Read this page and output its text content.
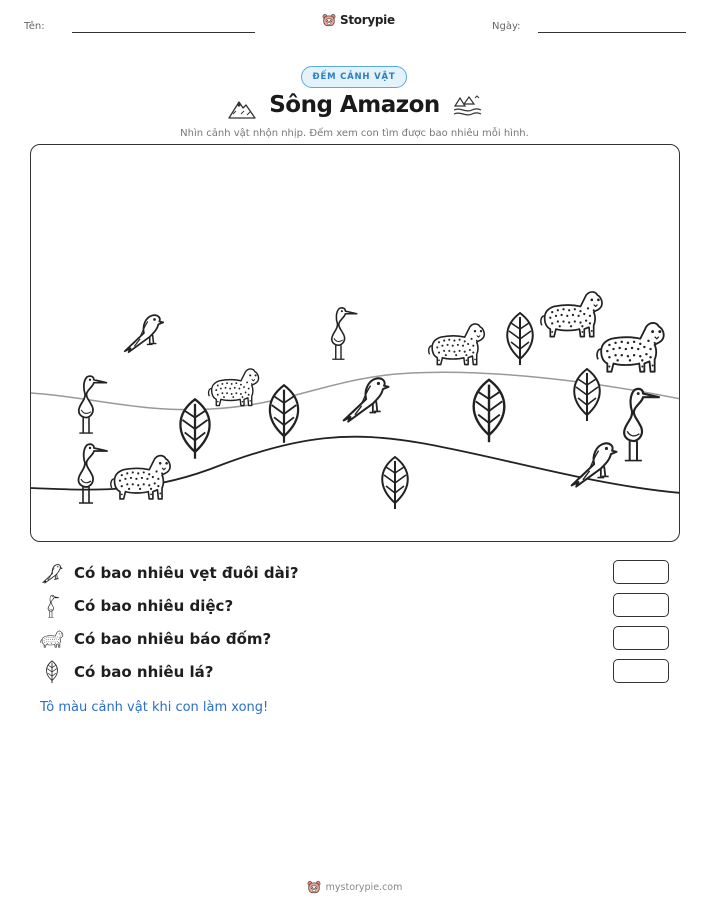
Tên:	Storypie	Ngày:
ĐẾM CẢNH VẬT
Sông Amazon
Nhìn cảnh vật nhộn nhịp. Đếm xem con tìm được bao nhiêu mỗi hình.
Có bao nhiêu vẹt đuôi dài?
Có bao nhiêu diệc?
Có bao nhiêu báo đốm?
Có bao nhiêu lá?
Tô màu cảnh vật khi con làm xong!
mystorypie.com
